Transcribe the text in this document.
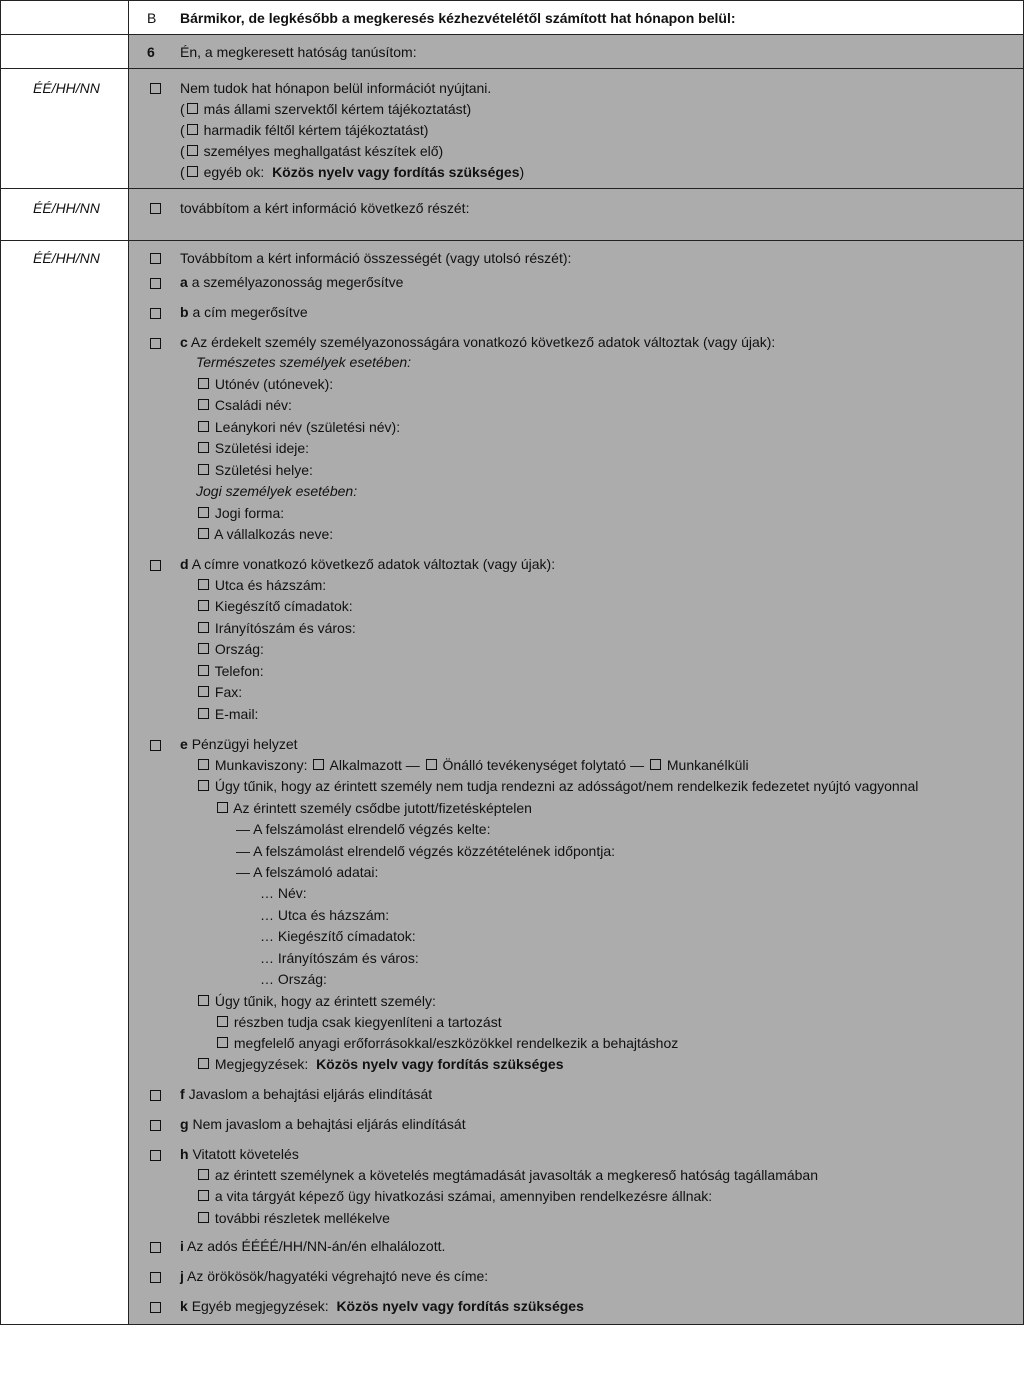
B Bármikor, de legkésőbb a megkeresés kézhezvételétől számított hat hónapon belül:
6 Én, a megkeresett hatóság tanúsítom:
ÉÉ/HH/NN	Nem tudok hat hónapon belül információt nyújtani.
( más állami szervektől kértem tájékoztatást)
( harmadik féltől kértem tájékoztatást)
( személyes meghallgatást készítek elő)
( egyéb ok: Közös nyelv vagy fordítás szükséges)
ÉÉ/HH/NN	továbbítom a kért információ következő részét:
ÉÉ/HH/NN	Továbbítom a kért információ összességét (vagy utolsó részét):
a a személyazonosság megerősítve
b a cím megerősítve
c Az érdekelt személy személyazonosságára vonatkozó következő adatok változtak (vagy újak):
Természetes személyek esetében:
Utónév (utónevek):
Családi név:
Leánykori név (születési név):
Születési ideje:
Születési helye:
Jogi személyek esetében:
Jogi forma:
A vállalkozás neve:
d A címre vonatkozó következő adatok változtak (vagy újak):
Utca és házszám:
Kiegészítő címadatok:
Irányítószám és város:
Ország:
Telefon:
Fax:
E-mail:
e Pénzügyi helyzet
Munkaviszony: Alkalmazott — Önálló tevékenységet folytató — Munkanélküli
Úgy tűnik, hogy az érintett személy nem tudja rendezni az adósságot/nem rendelkezik fedezetet nyújtó vagyonnal
Az érintett személy csődbe jutott/fizetésképtelen
— A felszámolást elrendelő végzés kelte:
— A felszámolást elrendelő végzés közzétételének időpontja:
— A felszámoló adatai:
… Név:
… Utca és házszám:
… Kiegészítő címadatok:
… Irányítószám és város:
… Ország:
Úgy tűnik, hogy az érintett személy:
részben tudja csak kiegyenlíteni a tartozást
megfelelő anyagi erőforrásokkal/eszközökkel rendelkezik a behajtáshoz
Megjegyzések: Közös nyelv vagy fordítás szükséges
f Javaslom a behajtási eljárás elindítását
g Nem javaslom a behajtási eljárás elindítását
h Vitatott követelés
az érintett személynek a követelés megtámadását javasolták a megkereső hatóság tagállamában
a vita tárgyát képező ügy hivatkozási számai, amennyiben rendelkezésre állnak:
további részletek mellékelve
i Az adós ÉÉÉÉ/HH/NN-án/én elhalálozott.
j Az örökösök/hagyatéki végrehajtó neve és címe:
k Egyéb megjegyzések: Közös nyelv vagy fordítás szükséges
